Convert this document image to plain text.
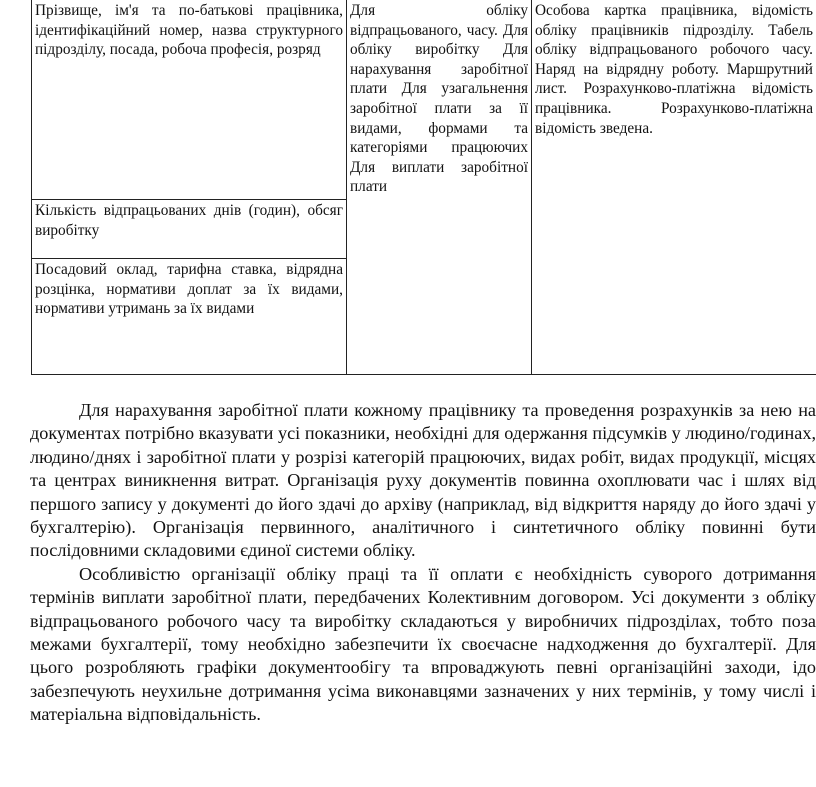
Прізвище, ім'я та по-батькові працівника, ідентифікаційний номер, назва структурного підрозділу, посада, робоча професія, розряд	Для обліку відпрацьованого, часу. Для обліку виробітку Для нарахування заробітної плати Для узагальнення заробітної плати за її видами, формами та категоріями працюючих Для виплати заробітної плати	Особова картка працівника, відомість обліку працівників підрозділу. Табель обліку відпрацьованого робочого часу. Наряд на відрядну роботу. Маршрутний лист. Розрахунково-платіжна відомість працівника. Розрахунково-платіжна відомість зведена.
Кількість відпрацьованих днів (годин), обсяг виробітку
Посадовий оклад, тарифна ставка, відрядна розцінка, нормативи доплат за їх видами, нормативи утримань за їх видами

Для нарахування заробітної плати кожному працівнику та проведення розрахунків за нею на документах потрібно вказувати усі показники, необхідні для одержання підсумків у людино/годинах, людино/днях і заробітної плати у розрізі категорій працюючих, видах робіт, видах продукції, місцях та центрах виникнення витрат. Організація руху документів повинна охоплювати час і шлях від першого запису у документі до його здачі до архіву (наприклад, від відкриття наряду до його здачі у бухгалтерію). Організація первинного, аналітичного і синтетичного обліку повинні бути послідовними складовими єдиної системи обліку.

Особливістю організації обліку праці та її оплати є необхідність суворого дотримання термінів виплати заробітної плати, передбачених Колективним договором. Усі документи з обліку відпрацьованого робочого часу та виробітку складаються у виробничих підрозділах, тобто поза межами бухгалтерії, тому необхідно забезпечити їх своєчасне надходження до бухгалтерії. Для цього розробляють графіки документообігу та впроваджують певні організаційні заходи, ідо забезпечують неухильне дотримання усіма виконавцями зазначених у них термінів, у тому числі і матеріальна відповідальність.
